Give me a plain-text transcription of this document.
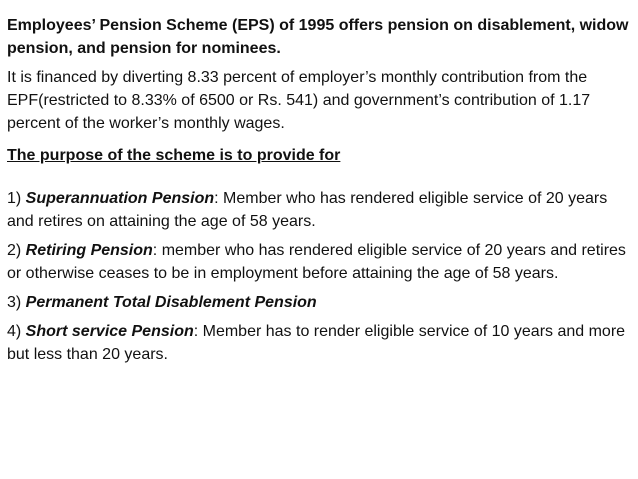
Employees’ Pension Scheme (EPS) of 1995 offers pension on disablement, widow pension, and pension for nominees.

It is financed by diverting 8.33 percent of employer’s monthly contribution from the EPF(restricted to 8.33% of 6500 or Rs. 541) and government’s contribution of 1.17 percent of the worker’s monthly wages.

The purpose of the scheme is to provide for

1) Superannuation Pension: Member who has rendered eligible service of 20 years and retires on attaining the age of 58 years.

2) Retiring Pension: member who has rendered eligible service of 20 years and retires or otherwise ceases to be in employment before attaining the age of 58 years.

3) Permanent Total Disablement Pension

4) Short service Pension: Member has to render eligible service of 10 years and more but less than 20 years.
